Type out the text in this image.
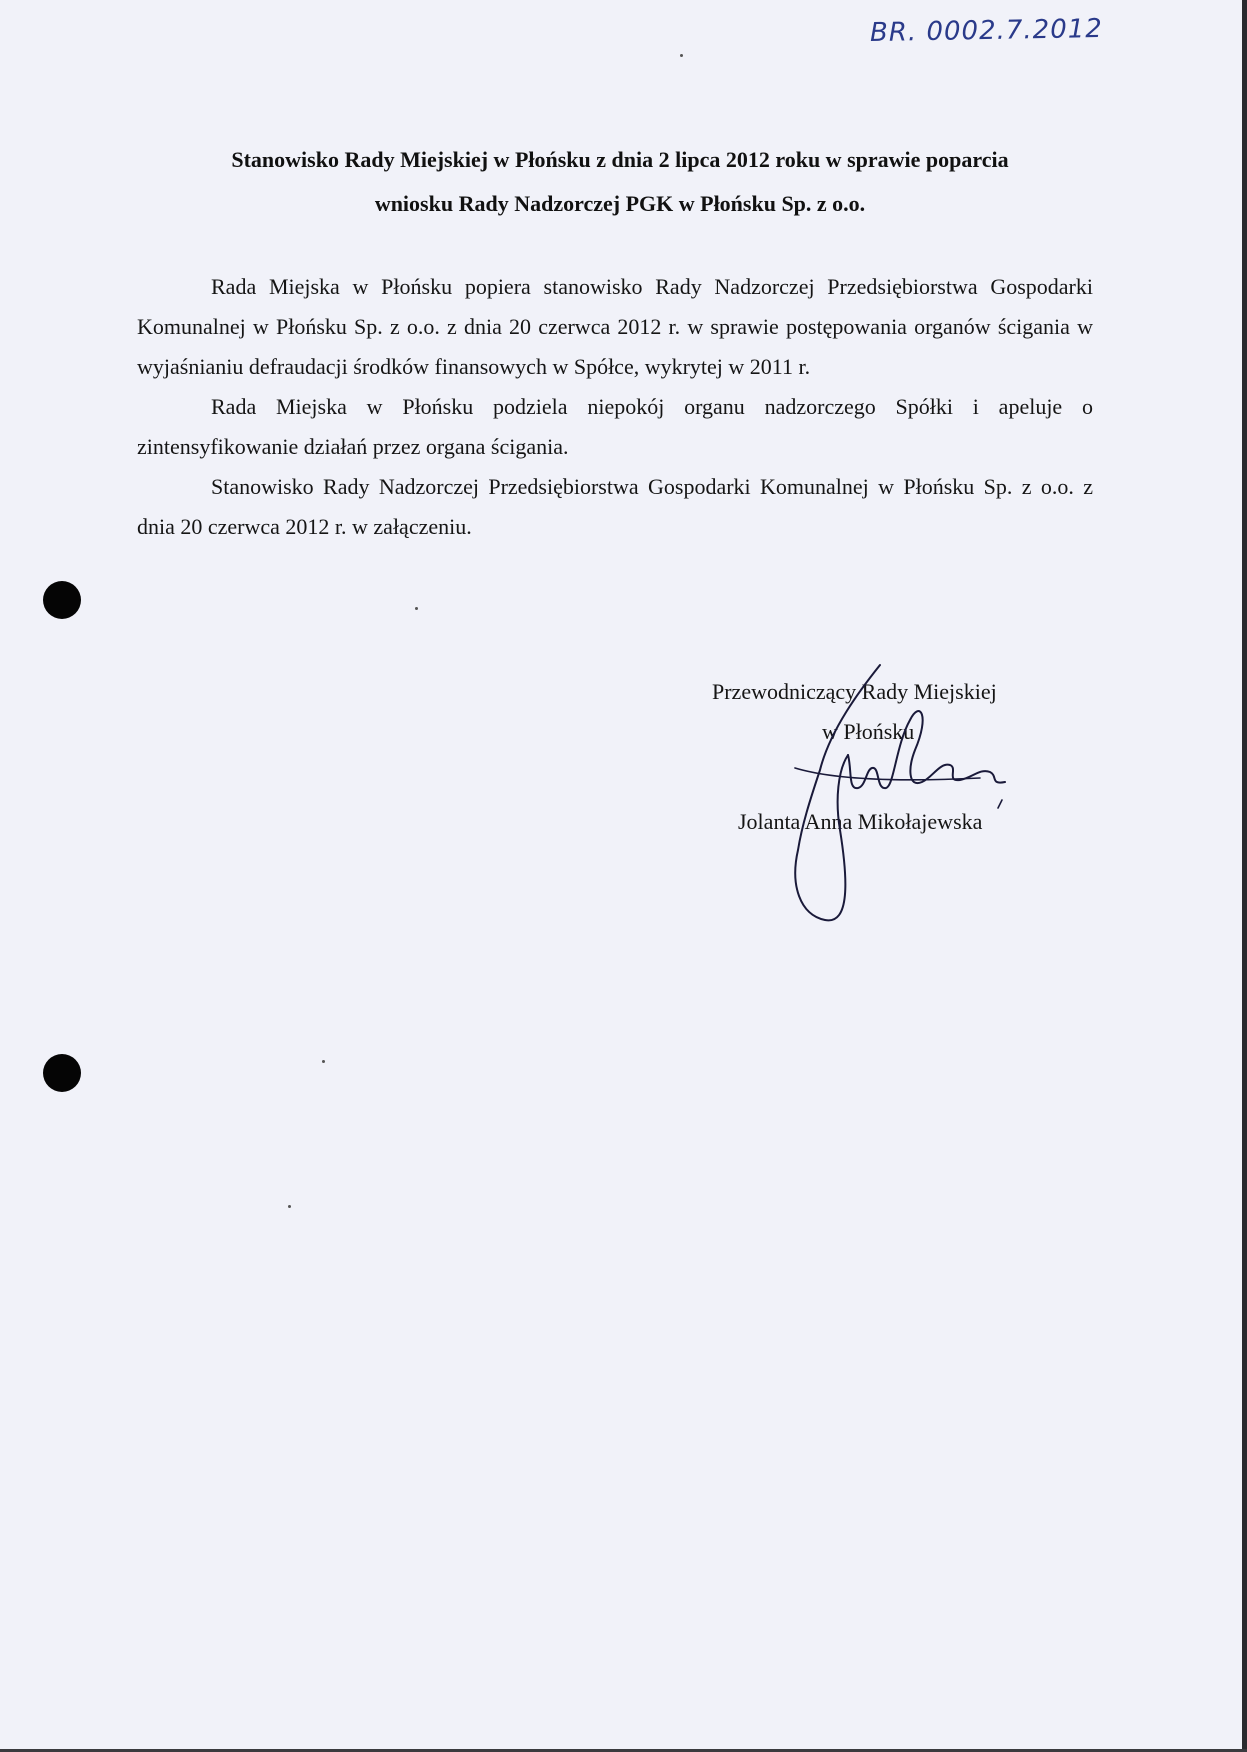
BR. 0002.7.2012
Stanowisko Rady Miejskiej w Płońsku z dnia 2 lipca 2012 roku w sprawie poparcia
wniosku Rady Nadzorczej PGK w Płońsku Sp. z o.o.

Rada Miejska w Płońsku popiera stanowisko Rady Nadzorczej Przedsiębiorstwa Gospodarki Komunalnej w Płońsku Sp. z o.o. z dnia 20 czerwca 2012 r. w sprawie postępowania organów ścigania w wyjaśnianiu defraudacji środków finansowych w Spółce, wykrytej w 2011 r.

Rada Miejska w Płońsku podziela niepokój organu nadzorczego Spółki i apeluje o zintensyfikowanie działań przez organa ścigania.

Stanowisko Rady Nadzorczej Przedsiębiorstwa Gospodarki Komunalnej w Płońsku Sp. z o.o. z dnia 20 czerwca 2012 r. w załączeniu.

Przewodnicząсy Rady Miejskiej
w Płońsku
Jolanta Anna Mikołajewska
